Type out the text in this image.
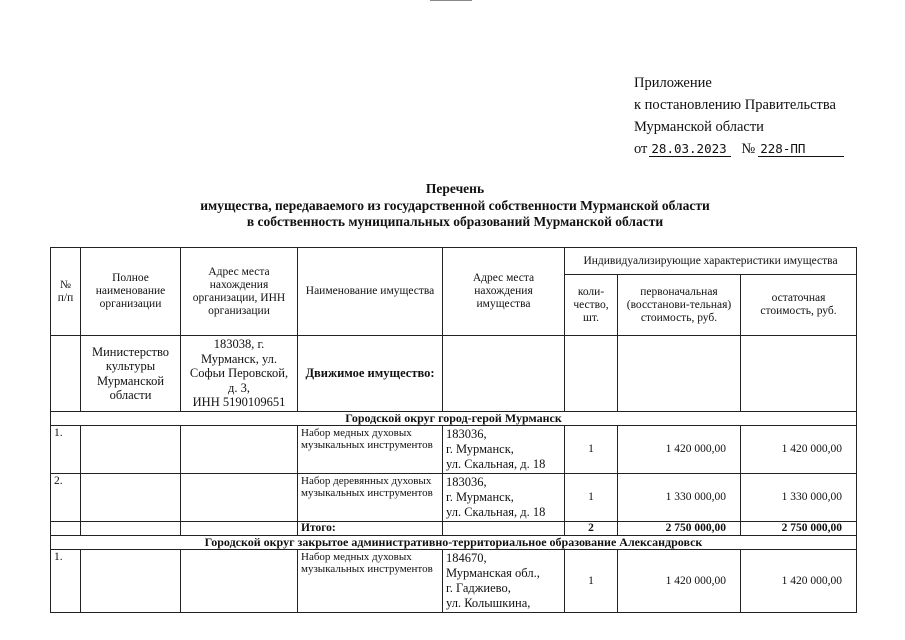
Приложение
к постановлению Правительства
Мурманской области
от 28.03.2023	№ 228-ПП
Перечень
имущества, передаваемого из государственной собственности Мурманской области
в собственность муниципальных образований Мурманской области
№ п/п	Полное наименование организации	Адрес места нахождения организации, ИНН организации	Наименование имущества	Адрес места нахождения имущества	Индивидуализирующие характеристики имущества		
					коли-чество, шт.	первоначальная (восстанови-тельная) стоимость, руб.	остаточная стоимость, руб.
	Министерство культуры Мурманской области	183038, г.
Мурманск, ул.
Софьи Перовской,
д. 3,
ИНН 5190109651	Движимое имущество:				
Городской округ город-герой Мурманск							
1.			Набор медных духовых музыкальных инструментов	183036,
г. Мурманск,
ул. Скальная, д. 18	1	1 420 000,00	1 420 000,00
2.			Набор деревянных духовых музыкальных инструментов	183036,
г. Мурманск,
ул. Скальная, д. 18	1	1 330 000,00	1 330 000,00
			Итого:		2	2 750 000,00	2 750 000,00
Городской округ закрытое административно-территориальное образование Александровск							
1.			Набор медных духовых музыкальных инструментов	184670,
Мурманская обл.,
г. Гаджиево,
ул. Колышкина,	1	1 420 000,00	1 420 000,00
